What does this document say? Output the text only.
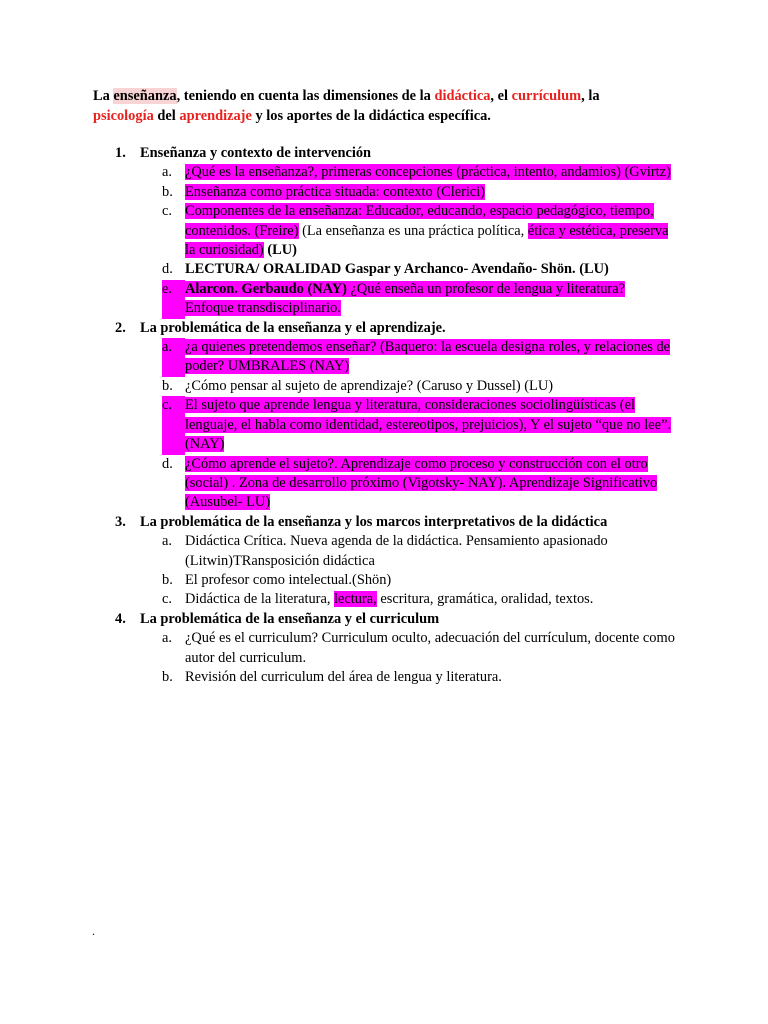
La enseñanza, teniendo en cuenta las dimensiones de la didáctica, el currículum, la
psicología del aprendizaje y los aportes de la didáctica específica.
1. Enseñanza y contexto de intervención
a. ¿Qué es la enseñanza?, primeras concepciones (práctica, intento, andamios) (Gvirtz)
b. Enseñanza como práctica situada: contexto (Clerici)
c. Componentes de la enseñanza: Educador, educando, espacio pedagógico, tiempo, contenidos. (Freire) (La enseñanza es una práctica política, ética y estética, preserva la curiosidad) (LU)
d. LECTURA/ ORALIDAD Gaspar y Archanco- Avendaño- Shön. (LU)
e. Alarcon. Gerbaudo (NAY) ¿Qué enseña un profesor de lengua y literatura? Enfoque transdisciplinario.
2. La problemática de la enseñanza y el aprendizaje.
a. ¿a quienes pretendemos enseñar? (Baquero: la escuela designa roles, y relaciones de poder? UMBRALES (NAY)
b. ¿Cómo pensar al sujeto de aprendizaje? (Caruso y Dussel) (LU)
c. El sujeto que aprende lengua y literatura, consideraciones sociolingüísticas (el lenguaje, el habla como identidad, estereotipos, prejuicios), Y el sujeto “que no lee”. (NAY)
d. ¿Cómo aprende el sujeto?. Aprendizaje como proceso y construcción con el otro (social) . Zona de desarrollo próximo (Vigotsky- NAY). Aprendizaje Significativo (Ausubel- LU)
3. La problemática de la enseñanza y los marcos interpretativos de la didáctica
a. Didáctica Crítica. Nueva agenda de la didáctica. Pensamiento apasionado (Litwin)TRansposición didáctica
b. El profesor como intelectual.(Shön)
c. Didáctica de la literatura, lectura, escritura, gramática, oralidad, textos.
4. La problemática de la enseñanza y el curriculum
a. ¿Qué es el curriculum? Curriculum oculto, adecuación del currículum, docente como autor del curriculum.
b. Revisión del curriculum del área de lengua y literatura.
.
